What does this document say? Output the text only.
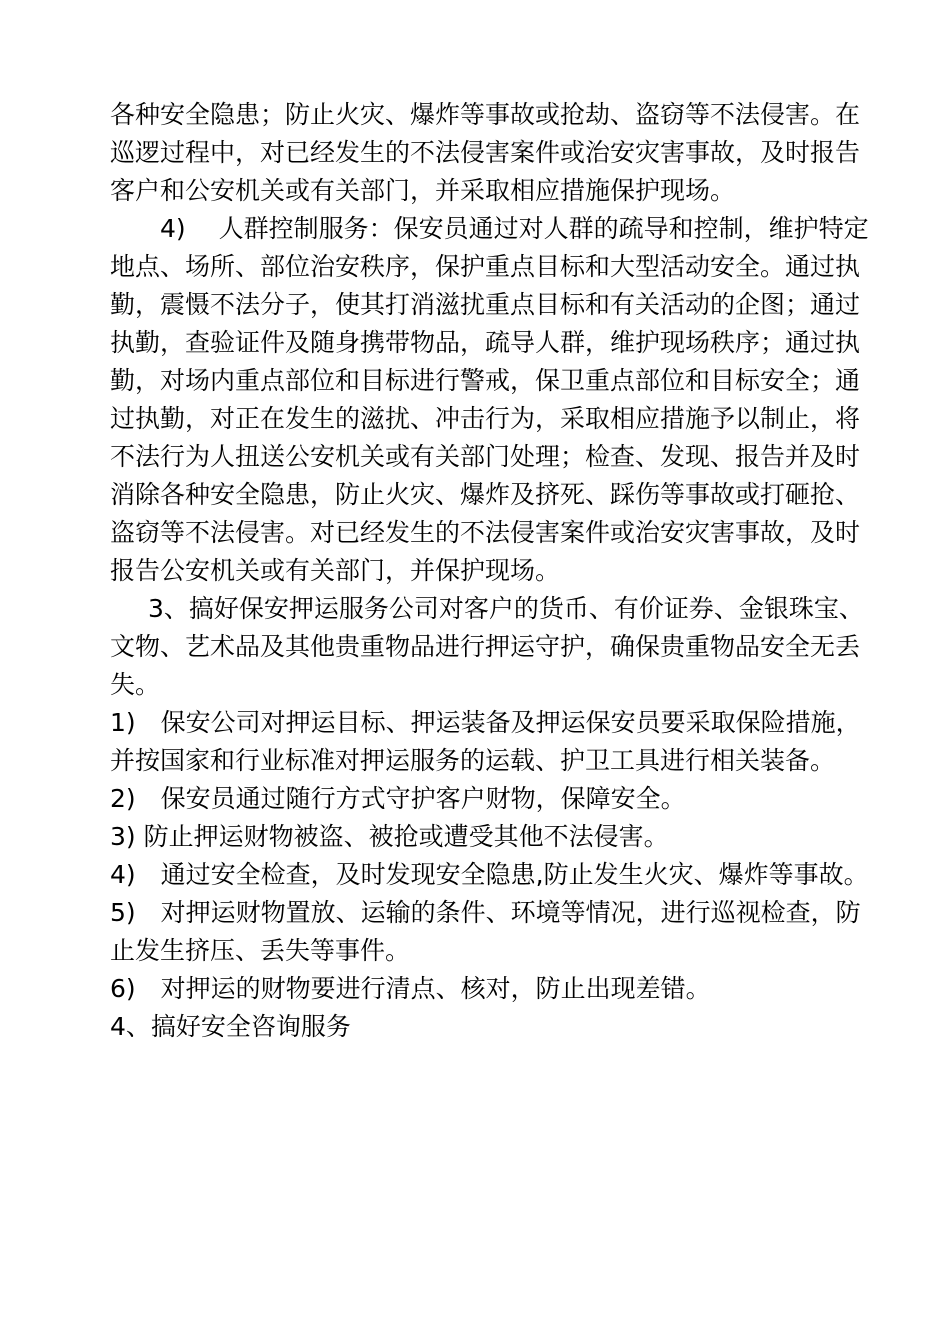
各种安全隐患；防止火灾、爆炸等事故或抢劫、盗窃等不法侵害。在巡逻过程中，对已经发生的不法侵害案件或治安灾害事故，及时报告客户和公安机关或有关部门，并采取相应措施保护现场。

4)　 人群控制服务：保安员通过对人群的疏导和控制，维护特定地点、场所、部位治安秩序，保护重点目标和大型活动安全。通过执勤，震慑不法分子，使其打消滋扰重点目标和有关活动的企图；通过执勤，查验证件及随身携带物品，疏导人群，维护现场秩序；通过执勤，对场内重点部位和目标进行警戒，保卫重点部位和目标安全；通过执勤，对正在发生的滋扰、冲击行为，采取相应措施予以制止，将不法行为人扭送公安机关或有关部门处理；检查、发现、报告并及时消除各种安全隐患，防止火灾、爆炸及挤死、踩伤等事故或打砸抢、盗窃等不法侵害。对已经发生的不法侵害案件或治安灾害事故，及时报告公安机关或有关部门，并保护现场。

3、搞好保安押运服务公司对客户的货币、有价证券、金银珠宝、文物、艺术品及其他贵重物品进行押运守护，确保贵重物品安全无丢失。

1)　保安公司对押运目标、押运装备及押运保安员要采取保险措施，并按国家和行业标准对押运服务的运载、护卫工具进行相关装备。

2)　保安员通过随行方式守护客户财物，保障安全。

3) 防止押运财物被盗、被抢或遭受其他不法侵害。

4)　通过安全检查，及时发现安全隐患,防止发生火灾、爆炸等事故。

5)　对押运财物置放、运输的条件、环境等情况，进行巡视检查，防止发生挤压、丢失等事件。

6)　对押运的财物要进行清点、核对，防止出现差错。

4、搞好安全咨询服务
